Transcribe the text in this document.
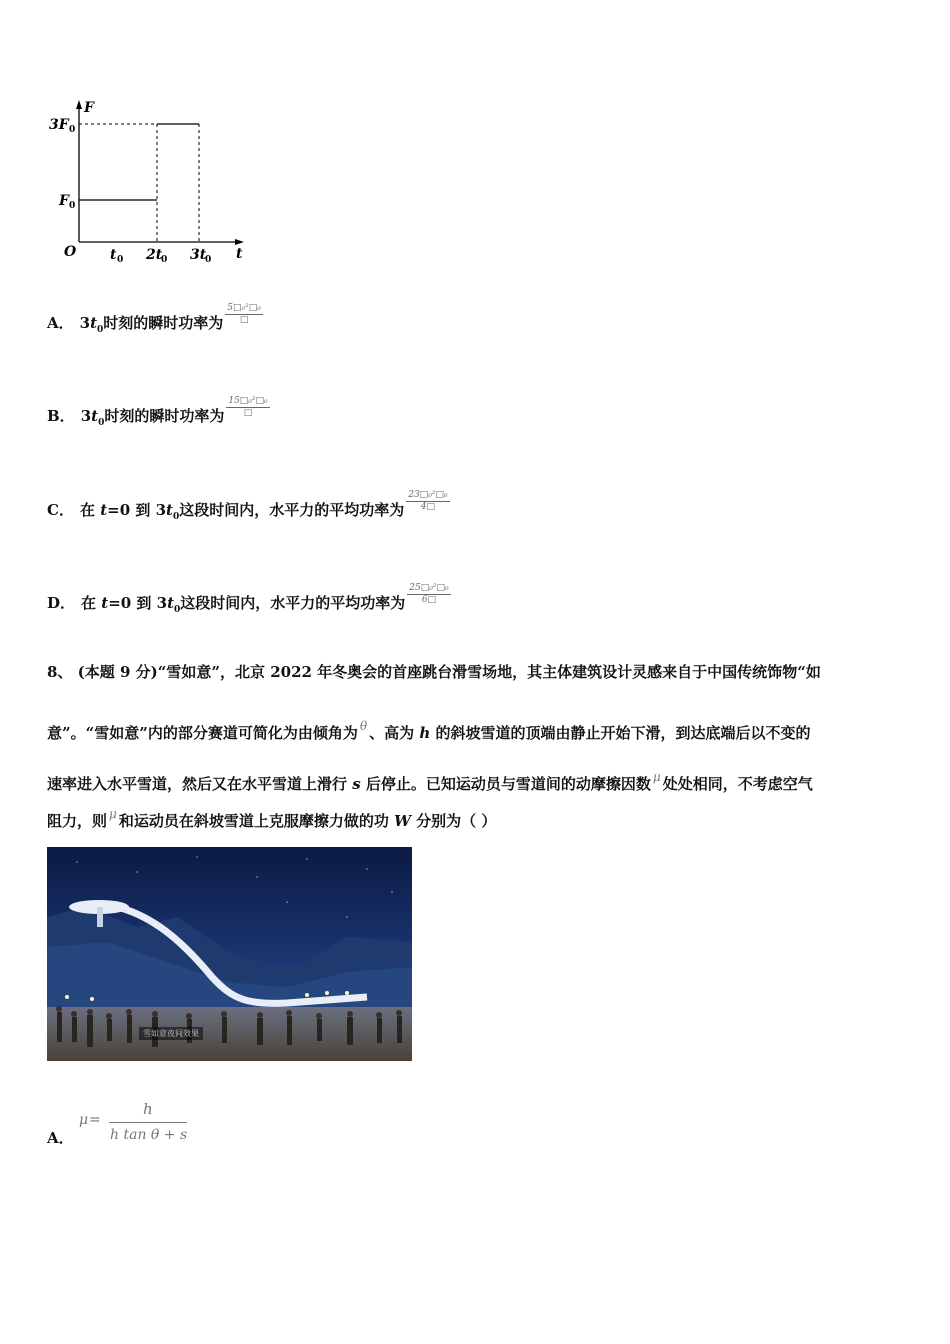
F
t
O
3F 0
F 0
t 0 2t
0 3t
0
A． $3t_0$时刻的瞬时功率为 $\frac{\text{5□₀²□₀}}{□}$
B． $3t_0$时刻的瞬时功率为 $\frac{\text{15□₀²□₀}}{□}$
C． 在 t=0 到 $3t_0$这段时间内，水平力的平均功率为 $\frac{\text{23□₀²□₀}}{4□}$
D． 在 t=0 到 $3t_0$这段时间内，水平力的平均功率为 $\frac{\text{25□₀²□₀}}{6□}$
8、 (本题 9 分)“雪如意”，北京 2022 年冬奥会的首座跳台滑雪场地，其主体建筑设计灵感来自于中国传统饰物“如
意”。“雪如意”内的部分赛道可简化为由倾角为 $^\theta$ 、高为 h 的斜坡雪道的顶端由静止开始下滑，到达底端后以不变的
速率进入水平雪道，然后又在水平雪道上滑行 s 后停止。已知运动员与雪道间的动摩擦因数 $^\mu$ 处处相同，不考虑空气
阻力，则 $^\mu$ 和运动员在斜坡雪道上克服摩擦力做的功 W 分别为（ ）
雪如意夜间效果
A．
μ =
h
h tan θ + s
